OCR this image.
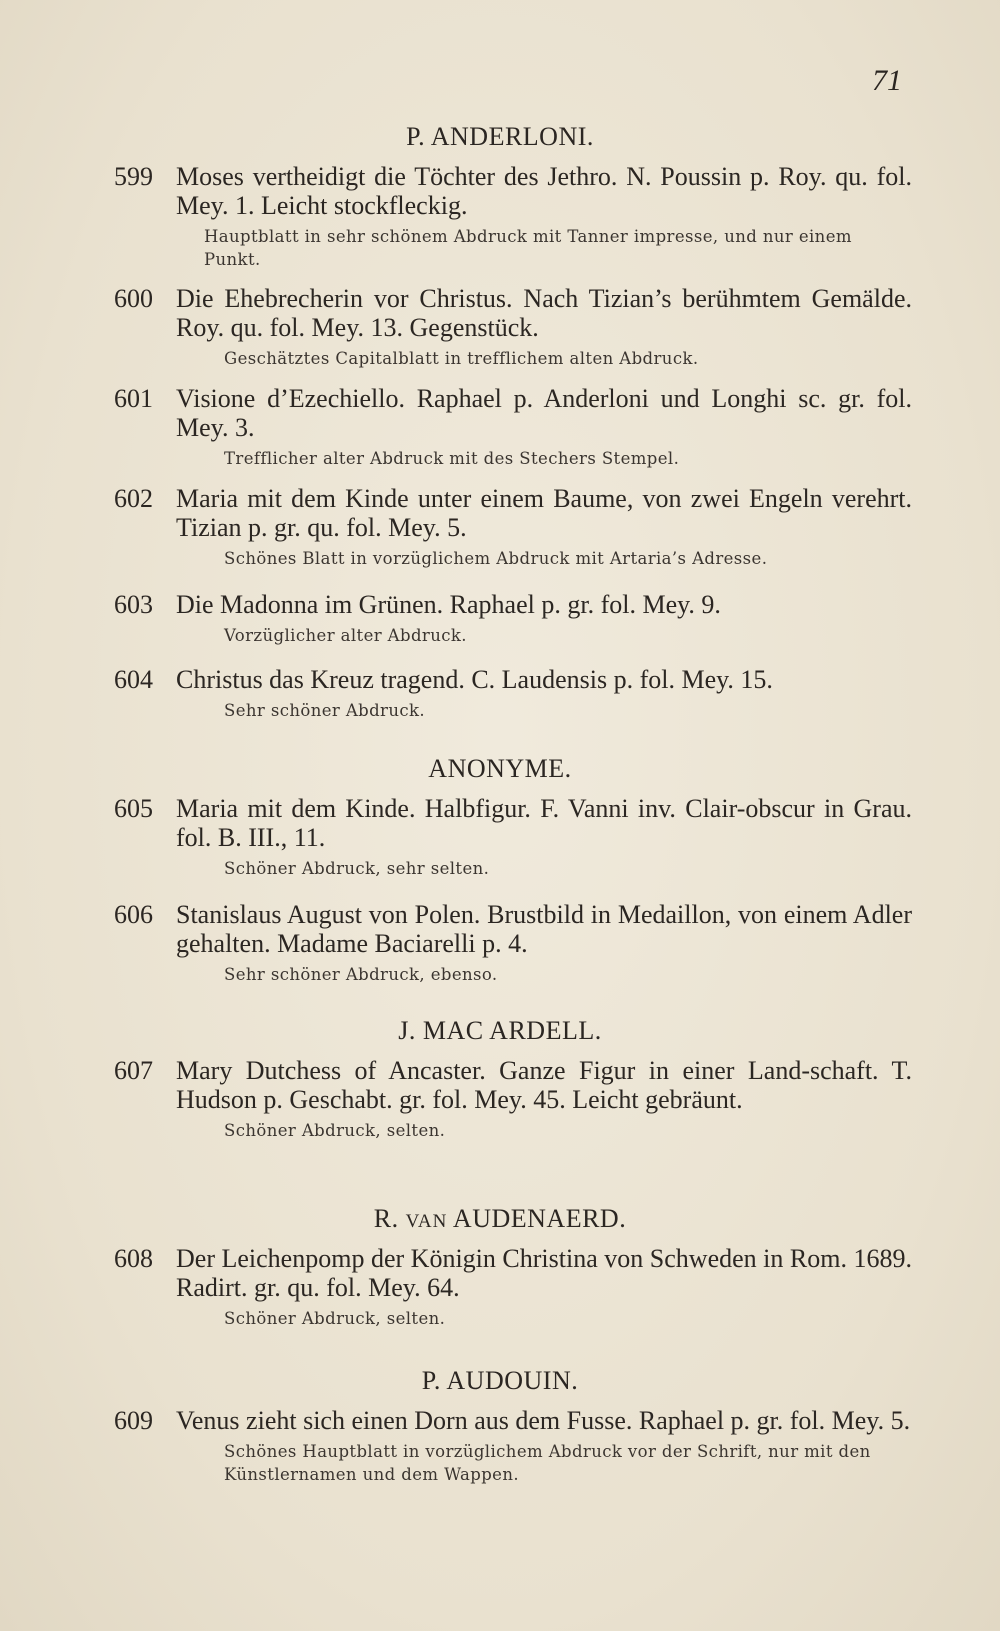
71
P. ANDERLONI.
599 Moses vertheidigt die Töchter des Jethro. N. Poussin p. Roy. qu. fol. Mey. 1. Leicht stockfleckig.
Hauptblatt in sehr schönem Abdruck mit Tanner impresse, und nur einem Punkt.
600 Die Ehebrecherin vor Christus. Nach Tizian’s berühmtem Gemälde. Roy. qu. fol. Mey. 13. Gegenstück.
Geschätztes Capitalblatt in trefflichem alten Abdruck.
601 Visione d’Ezechiello. Raphael p. Anderloni und Longhi sc. gr. fol. Mey. 3.
Trefflicher alter Abdruck mit des Stechers Stempel.
602 Maria mit dem Kinde unter einem Baume, von zwei Engeln verehrt. Tizian p. gr. qu. fol. Mey. 5.
Schönes Blatt in vorzüglichem Abdruck mit Artaria’s Adresse.
603 Die Madonna im Grünen. Raphael p. gr. fol. Mey. 9.
Vorzüglicher alter Abdruck.
604 Christus das Kreuz tragend. C. Laudensis p. fol. Mey. 15.
Sehr schöner Abdruck.
ANONYME.
605 Maria mit dem Kinde. Halbfigur. F. Vanni inv. Clair-obscur in Grau. fol. B. III., 11.
Schöner Abdruck, sehr selten.
606 Stanislaus August von Polen. Brustbild in Medaillon, von einem Adler gehalten. Madame Baciarelli p. 4.
Sehr schöner Abdruck, ebenso.
J. MAC ARDELL.
607 Mary Dutchess of Ancaster. Ganze Figur in einer Land-schaft. T. Hudson p. Geschabt. gr. fol. Mey. 45. Leicht gebräunt.
Schöner Abdruck, selten.
R. VAN AUDENAERD.
608 Der Leichenpomp der Königin Christina von Schweden in Rom. 1689. Radirt. gr. qu. fol. Mey. 64.
Schöner Abdruck, selten.
P. AUDOUIN.
609 Venus zieht sich einen Dorn aus dem Fusse. Raphael p. gr. fol. Mey. 5.
Schönes Hauptblatt in vorzüglichem Abdruck vor der Schrift, nur mit den Künstlernamen und dem Wappen.
